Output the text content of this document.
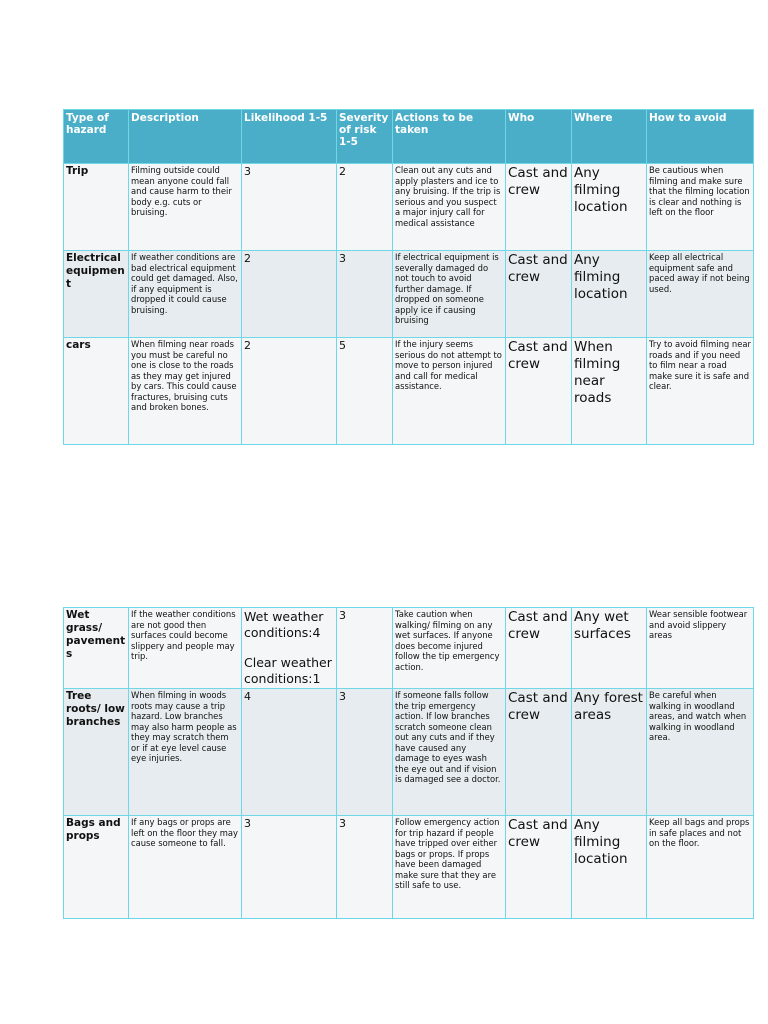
Type of hazard	Description	Likelihood 1-5	Severity of risk 1-5	Actions to be taken	Who	Where	How to avoid
Trip	Filming outside could mean anyone could fall and cause harm to their body e.g. cuts or bruising.	3	2	Clean out any cuts and apply plasters and ice to any bruising. If the trip is serious and you suspect a major injury call for medical assistance	Cast and crew	Any filming location	Be cautious when filming and make sure that the filming location is clear and nothing is left on the floor
Electrical equipment	If weather conditions are bad electrical equipment could get damaged. Also, if any equipment is dropped it could cause bruising.	2	3	If electrical equipment is severally damaged do not touch to avoid further damage. If dropped on someone apply ice if causing bruising	Cast and crew	Any filming location	Keep all electrical equipment safe and paced away if not being used.
cars	When filming near roads you must be careful no one is close to the roads as they may get injured by cars. This could cause fractures, bruising cuts and broken bones.	2	5	If the injury seems serious do not attempt to move to person injured and call for medical assistance.	Cast and crew	When filming near roads	Try to avoid filming near roads and if you need to film near a road make sure it is safe and clear.
Wet grass/ pavements	If the weather conditions are not good then surfaces could become slippery and people may trip.	Wet weather conditions:4
Clear weather conditions:1	3	Take caution when walking/ filming on any wet surfaces. If anyone does become injured follow the tip emergency action.	Cast and crew	Any wet surfaces	Wear sensible footwear and avoid slippery areas
Tree roots/ low branches	When filming in woods roots may cause a trip hazard. Low branches may also harm people as they may scratch them or if at eye level cause eye injuries.	4	3	If someone falls follow the trip emergency action. If low branches scratch someone clean out any cuts and if they have caused any damage to eyes wash the eye out and if vision is damaged see a doctor.	Cast and crew	Any forest areas	Be careful when walking in woodland areas, and watch when walking in woodland area.
Bags and props	If any bags or props are left on the floor they may cause someone to fall.	3	3	Follow emergency action for trip hazard if people have tripped over either bags or props. If props have been damaged make sure that they are still safe to use.	Cast and crew	Any filming location	Keep all bags and props in safe places and not on the floor.
